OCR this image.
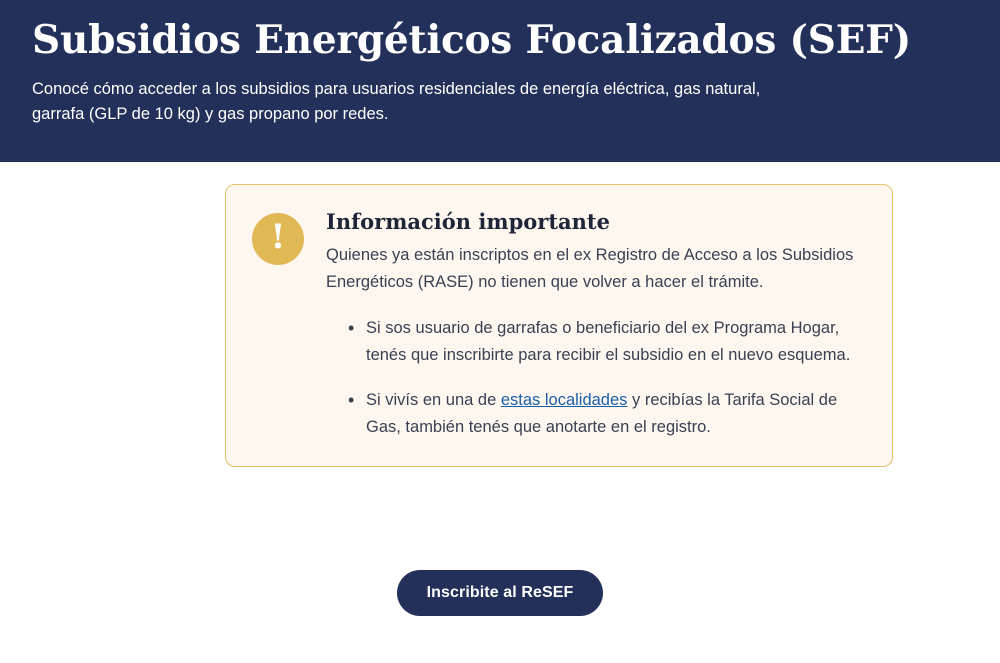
Subsidios Energéticos Focalizados (SEF)

Conocé cómo acceder a los subsidios para usuarios residenciales de energía eléctrica, gas natural, garrafa (GLP de 10 kg) y gas propano por redes.

! Información importante

Quienes ya están inscriptos en el ex Registro de Acceso a los Subsidios Energéticos (RASE) no tienen que volver a hacer el trámite.

• Si sos usuario de garrafas o beneficiario del ex Programa Hogar, tenés que inscribirte para recibir el subsidio en el nuevo esquema.
• Si vivís en una de estas localidades y recibías la Tarifa Social de Gas, también tenés que anotarte en el registro.
Inscribite al ReSEF
